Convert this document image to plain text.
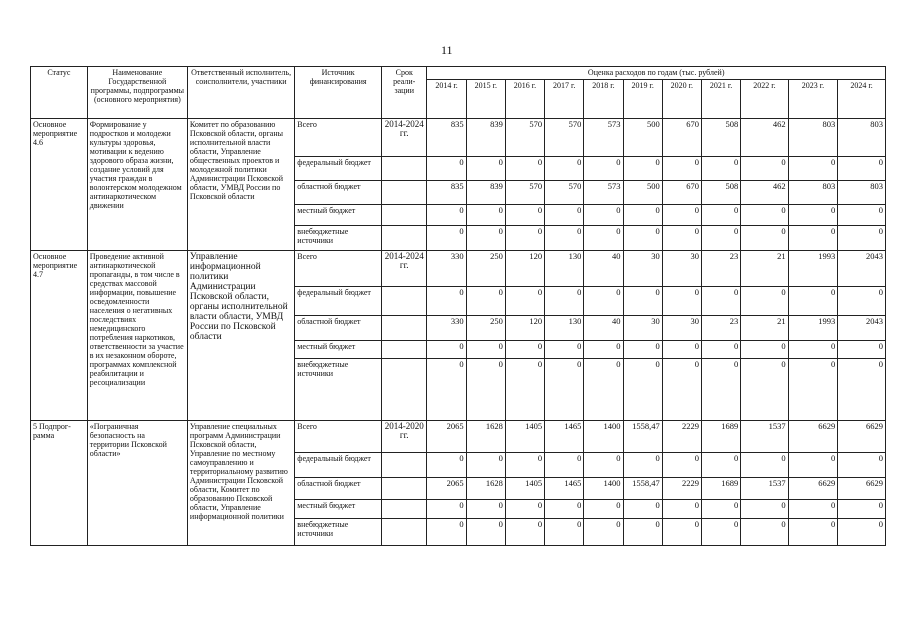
11
Статус	Наименование Государственной программы, подпрограммы (основного мероприятия)	Ответственный исполнитель, соисполнители, участники	Источник финансирования	Срок реали-зации	Оценка расходов по годам (тыс. рублей)										
					2014 г.	2015 г.	2016 г.	2017 г.	2018 г.	2019 г.	2020 г.	2021 г.	2022 г.	2023 г.	2024 г.
Основное мероприятие 4.6	Формирование у подростков и молодежи культуры здоровья, мотивации к ведению здорового образа жизни, создание условий для участия граждан в волонтерском молодежном антинаркотическом движении	Комитет по образованию Псковской области, органы исполнительной власти области, Управление общественных проектов и молодежной политики Администрации Псковской области, УМВД России по Псковской области	Всего	2014-2024 гг.	835	839	570	570	573	500	670	508	462	803	803
			федеральный бюджет		0	0	0	0	0	0	0	0	0	0	0
			областной бюджет		835	839	570	570	573	500	670	508	462	803	803
			местный бюджет		0	0	0	0	0	0	0	0	0	0	0
			внебюджетные источники		0	0	0	0	0	0	0	0	0	0	0
Основное мероприятие 4.7	Проведение активной антинаркотической пропаганды, в том числе в средствах массовой информации, повышение осведомленности населения о негативных последствиях немедицинского потребления наркотиков, ответственности за участие в их незаконном обороте, программах комплексной реабилитации и ресоциализации	Управление информационной политики Администрации Псковской области, органы исполнительной власти области, УМВД России по Псковской области	Всего	2014-2024 гг.	330	250	120	130	40	30	30	23	21	1993	2043
			федеральный бюджет		0	0	0	0	0	0	0	0	0	0	0
			областной бюджет		330	250	120	130	40	30	30	23	21	1993	2043
			местный бюджет		0	0	0	0	0	0	0	0	0	0	0
			внебюджетные источники		0	0	0	0	0	0	0	0	0	0	0
5 Подпрог-рамма	«Пограничная безопасность на территории Псковской области»	Управление специальных программ Администрации Псковской области, Управление по местному самоуправлению и территориальному развитию Администрации Псковской области, Комитет по образованию Псковской области, Управление информационной политики	Всего	2014-2020 гг.	2065	1628	1405	1465	1400	1558,47	2229	1689	1537	6629	6629
			федеральный бюджет		0	0	0	0	0	0	0	0	0	0	0
			областной бюджет		2065	1628	1405	1465	1400	1558,47	2229	1689	1537	6629	6629
			местный бюджет		0	0	0	0	0	0	0	0	0	0	0
			внебюджетные источники		0	0	0	0	0	0	0	0	0	0	0
